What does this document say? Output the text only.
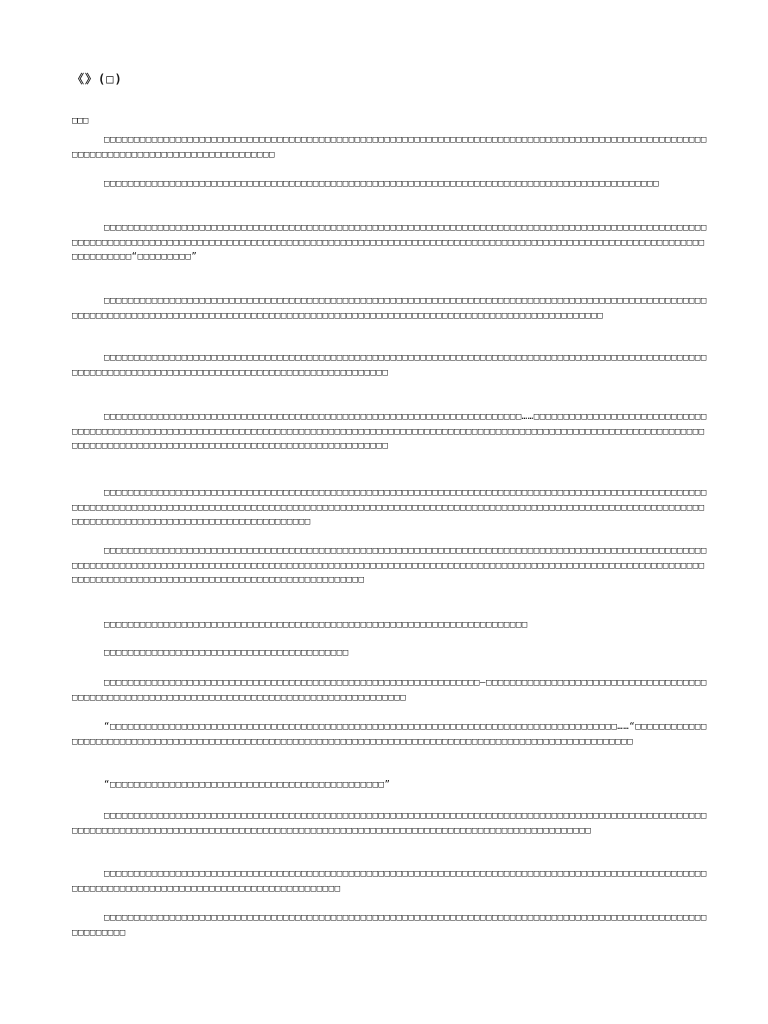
《》(□)
□□□

□□□□□□□□□□□□□□□□□□□□□□□□□□□□□□□□□□□□□□□□□□□□□□□□□□□□□□□□□□□□□□□□□□□□□□□□□□□□□□□□□□□□□□□□□□□□□□□□□□□□□□□□□□□□□□□□□□□□□□□□□□□□□□□□□□□□□□□

□□□□□□□□□□□□□□□□□□□□□□□□□□□□□□□□□□□□□□□□□□□□□□□□□□□□□□□□□□□□□□□□□□□□□□□□□□□□□□□□□□□□□□□□□□□□□

□□□□□□□□□□□□□□□□□□□□□□□□□□□□□□□□□□□□□□□□□□□□□□□□□□□□□□□□□□□□□□□□□□□□□□□□□□□□□□□□□□□□□□□□□□□□□□□□□□□□□□□□□□□□□□□□□□□□□□□□□□□□□□□□□□□□□□□□□□□□□□□□□□□□□□□□□□□□□□□□□□□□□□□□□□□□□□□□□□□□□□□□□□□□□□□□□□□□□□□□□□□□□□□□□□□□□□□□□“□□□□□□□□□”

□□□□□□□□□□□□□□□□□□□□□□□□□□□□□□□□□□□□□□□□□□□□□□□□□□□□□□□□□□□□□□□□□□□□□□□□□□□□□□□□□□□□□□□□□□□□□□□□□□□□□□□□□□□□□□□□□□□□□□□□□□□□□□□□□□□□□□□□□□□□□□□□□□□□□□□□□□□□□□□□□□□□□□□□□□□□□□□□□□□□□□□□□□□□□□

□□□□□□□□□□□□□□□□□□□□□□□□□□□□□□□□□□□□□□□□□□□□□□□□□□□□□□□□□□□□□□□□□□□□□□□□□□□□□□□□□□□□□□□□□□□□□□□□□□□□□□□□□□□□□□□□□□□□□□□□□□□□□□□□□□□□□□□□□□□□□□□□□□□□□□□□□□

□□□□□□□□□□□□□□□□□□□□□□□□□□□□□□□□□□□□□□□□□□□□□□□□□□□□□□□□□□□□□□□□□□□□□□……□□□□□□□□□□□□□□□□□□□□□□□□□□□□□□□□□□□□□□□□□□□□□□□□□□□□□□□□□□□□□□□□□□□□□□□□□□□□□□□□□□□□□□□□□□□□□□□□□□□□□□□□□□□□□□□□□□□□□□□□□□□□□□□□□□□□□□□□□□□□□□□□□□□□□□□□□□□□□□□□□□□□□□□□□□□□□□□□□□□□□□□□□□□□

□□□□□□□□□□□□□□□□□□□□□□□□□□□□□□□□□□□□□□□□□□□□□□□□□□□□□□□□□□□□□□□□□□□□□□□□□□□□□□□□□□□□□□□□□□□□□□□□□□□□□□□□□□□□□□□□□□□□□□□□□□□□□□□□□□□□□□□□□□□□□□□□□□□□□□□□□□□□□□□□□□□□□□□□□□□□□□□□□□□□□□□□□□□□□□□□□□□□□□□□□□□□□□□□□□□□□□□□□□□□□□□□□□□□□□□□□□□□□□□□□□□□□□□

□□□□□□□□□□□□□□□□□□□□□□□□□□□□□□□□□□□□□□□□□□□□□□□□□□□□□□□□□□□□□□□□□□□□□□□□□□□□□□□□□□□□□□□□□□□□□□□□□□□□□□□□□□□□□□□□□□□□□□□□□□□□□□□□□□□□□□□□□□□□□□□□□□□□□□□□□□□□□□□□□□□□□□□□□□□□□□□□□□□□□□□□□□□□□□□□□□□□□□□□□□□□□□□□□□□□□□□□□□□□□□□□□□□□□□□□□□□□□□□□□□□□□□□□□□□□□□□□

□□□□□□□□□□□□□□□□□□□□□□□□□□□□□□□□□□□□□□□□□□□□□□□□□□□□□□□□□□□□□□□□□□□□□□□

□□□□□□□□□□□□□□□□□□□□□□□□□□□□□□□□□□□□□□□□□

□□□□□□□□□□□□□□□□□□□□□□□□□□□□□□□□□□□□□□□□□□□□□□□□□□□□□□□□□□□□□□□—□□□□□□□□□□□□□□□□□□□□□□□□□□□□□□□□□□□□□□□□□□□□□□□□□□□□□□□□□□□□□□□□□□□□□□□□□□□□□□□□□□□□□□□□□□□□□

“□□□□□□□□□□□□□□□□□□□□□□□□□□□□□□□□□□□□□□□□□□□□□□□□□□□□□□□□□□□□□□□□□□□□□□□□□□□□□□□□□□□□□……“□□□□□□□□□□□□□□□□□□□□□□□□□□□□□□□□□□□□□□□□□□□□□□□□□□□□□□□□□□□□□□□□□□□□□□□□□□□□□□□□□□□□□□□□□□□□□□□□□□□□□□□□□□

“□□□□□□□□□□□□□□□□□□□□□□□□□□□□□□□□□□□□□□□□□□□□□□”

□□□□□□□□□□□□□□□□□□□□□□□□□□□□□□□□□□□□□□□□□□□□□□□□□□□□□□□□□□□□□□□□□□□□□□□□□□□□□□□□□□□□□□□□□□□□□□□□□□□□□□□□□□□□□□□□□□□□□□□□□□□□□□□□□□□□□□□□□□□□□□□□□□□□□□□□□□□□□□□□□□□□□□□□□□□□□□□□□□□□□□□□□□□□

□□□□□□□□□□□□□□□□□□□□□□□□□□□□□□□□□□□□□□□□□□□□□□□□□□□□□□□□□□□□□□□□□□□□□□□□□□□□□□□□□□□□□□□□□□□□□□□□□□□□□□□□□□□□□□□□□□□□□□□□□□□□□□□□□□□□□□□□□□□□□□□□□□

□□□□□□□□□□□□□□□□□□□□□□□□□□□□□□□□□□□□□□□□□□□□□□□□□□□□□□□□□□□□□□□□□□□□□□□□□□□□□□□□□□□□□□□□□□□□□□□□□□□□□□□□□□□□□□
